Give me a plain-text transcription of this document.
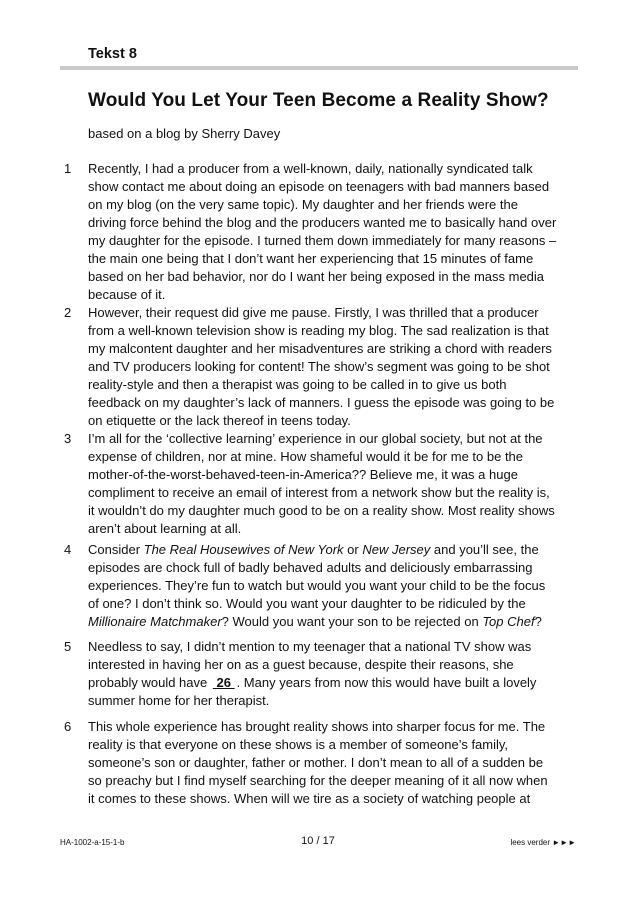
Tekst 8
Would You Let Your Teen Become a Reality Show?

based on a blog by Sherry Davey

1 Recently, I had a producer from a well-known, daily, nationally syndicated talk
show contact me about doing an episode on teenagers with bad manners based
on my blog (on the very same topic). My daughter and her friends were the
driving force behind the blog and the producers wanted me to basically hand over
my daughter for the episode. I turned them down immediately for many reasons –
the main one being that I don’t want her experiencing that 15 minutes of fame
based on her bad behavior, nor do I want her being exposed in the mass media
because of it.

2 However, their request did give me pause. Firstly, I was thrilled that a producer
from a well-known television show is reading my blog. The sad realization is that
my malcontent daughter and her misadventures are striking a chord with readers
and TV producers looking for content! The show’s segment was going to be shot
reality-style and then a therapist was going to be called in to give us both
feedback on my daughter’s lack of manners. I guess the episode was going to be
on etiquette or the lack thereof in teens today.

3 I’m all for the ‘collective learning’ experience in our global society, but not at the
expense of children, nor at mine. How shameful would it be for me to be the
mother-of-the-worst-behaved-teen-in-America?? Believe me, it was a huge
compliment to receive an email of interest from a network show but the reality is,
it wouldn’t do my daughter much good to be on a reality show. Most reality shows
aren’t about learning at all.

4 Consider The Real Housewives of New York or New Jersey and you’ll see, the
episodes are chock full of badly behaved adults and deliciously embarrassing
experiences. They’re fun to watch but would you want your child to be the focus
of one? I don’t think so. Would you want your daughter to be ridiculed by the
Millionaire Matchmaker? Would you want your son to be rejected on Top Chef?

5 Needless to say, I didn’t mention to my teenager that a national TV show was
interested in having her on as a guest because, despite their reasons, she
probably would have  26 . Many years from now this would have built a lovely
summer home for her therapist.

6 This whole experience has brought reality shows into sharper focus for me. The
reality is that everyone on these shows is a member of someone’s family,
someone’s son or daughter, father or mother. I don’t mean to all of a sudden be
so preachy but I find myself searching for the deeper meaning of it all now when
it comes to these shows. When will we tire as a society of watching people at

HA-1002-a-15-1-b	10 / 17	lees verder ►►►
